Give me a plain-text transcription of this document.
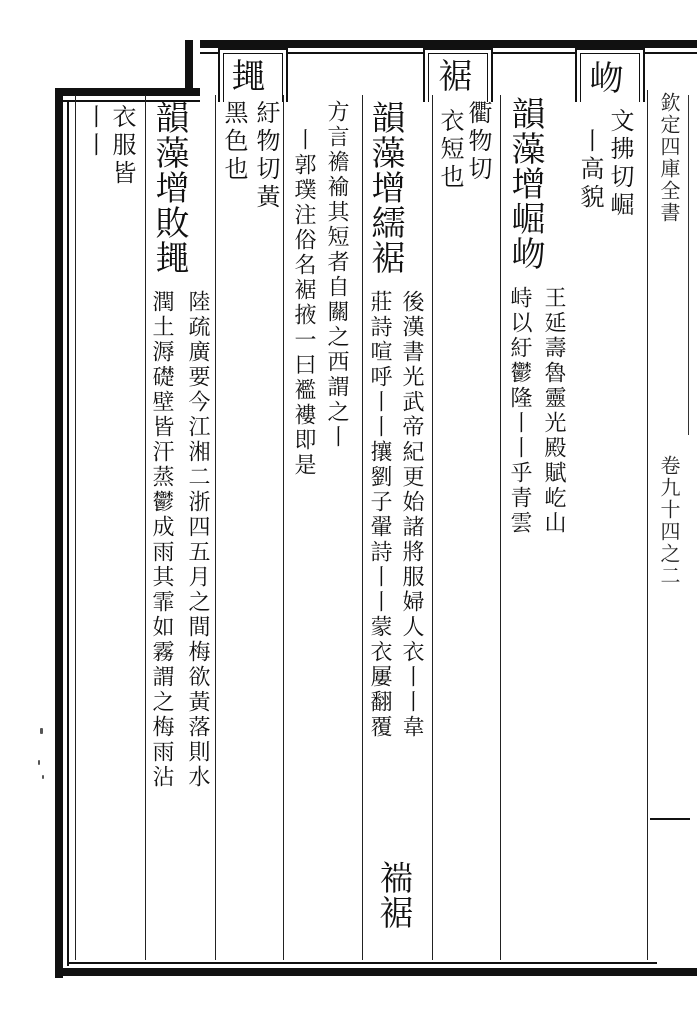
欽定四庫全書
卷九十四之二
岉
文拂切崛
丨高貌
韻藻增崛岉
王延壽魯靈光殿賦屹山
峙以紆鬱隆丨丨乎青雲
裾
衢物切
衣短也
韻藻增繻裾
後漢書光武帝紀更始諸將服婦人衣丨丨韋
褍裾
莊詩喧呼丨丨攘劉子翬詩丨丨蒙衣屢翻覆
方言襜褕其短者自關之西謂之丨
丨郭璞注俗名裾掖一曰襤褸即是
䵷
紆物切黃
黑色也
韻藻增敗䵷
陸疏廣要今江湘二浙四五月之間梅欲黃落則水
潤土溽礎壁皆汗蒸鬱成雨其霏如霧謂之梅雨沾
衣服皆
丨丨
